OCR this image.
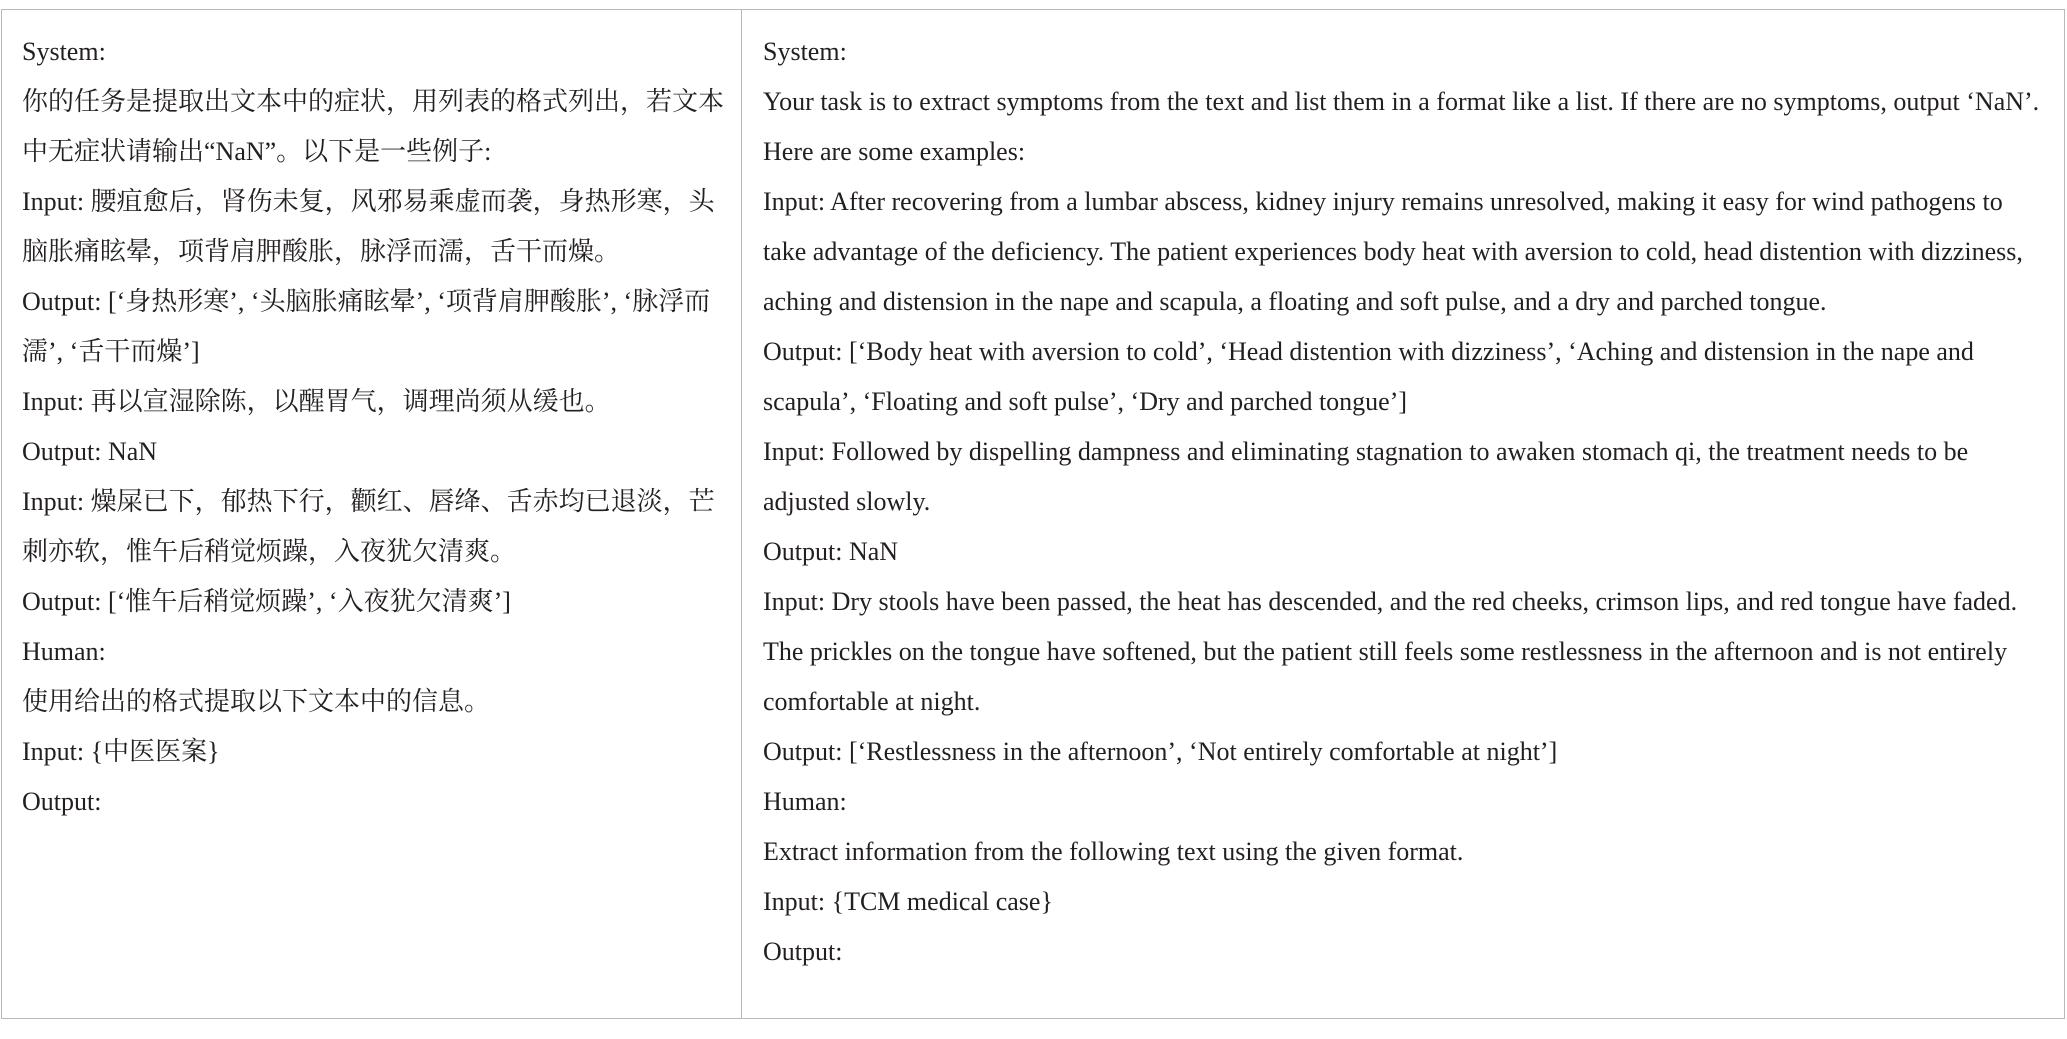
System:

你的任务是提取出文本中的症状，用列表的格式列出，若文本中无症状请输出“NaN”。以下是一些例子:

Input: 腰疽愈后，肾伤未复，风邪易乘虚而袭，身热形寒，头脑胀痛眩晕，项背肩胛酸胀，脉浮而濡，舌干而燥。

Output: [‘身热形寒’, ‘头脑胀痛眩晕’, ‘项背肩胛酸胀’, ‘脉浮而濡’, ‘舌干而燥’]

Input: 再以宣湿除陈，以醒胃气，调理尚须从缓也。

Output: NaN

Input: 燥屎已下，郁热下行，颧红、唇绛、舌赤均已退淡，芒刺亦软，惟午后稍觉烦躁，入夜犹欠清爽。

Output: [‘惟午后稍觉烦躁’, ‘入夜犹欠清爽’]

Human:

使用给出的格式提取以下文本中的信息。

Input: {中医医案}

Output:

System:

Your task is to extract symptoms from the text and list them in a format like a list. If there are no symptoms, output ‘NaN’. Here are some examples:

Input: After recovering from a lumbar abscess, kidney injury remains unresolved, making it easy for wind pathogens to take advantage of the deficiency. The patient experiences body heat with aversion to cold, head distention with dizziness, aching and distension in the nape and scapula, a floating and soft pulse, and a dry and parched tongue.

Output: [‘Body heat with aversion to cold’, ‘Head distention with dizziness’, ‘Aching and distension in the nape and scapula’, ‘Floating and soft pulse’, ‘Dry and parched tongue’]

Input: Followed by dispelling dampness and eliminating stagnation to awaken stomach qi, the treatment needs to be adjusted slowly.

Output: NaN

Input: Dry stools have been passed, the heat has descended, and the red cheeks, crimson lips, and red tongue have faded. The prickles on the tongue have softened, but the patient still feels some restlessness in the afternoon and is not entirely comfortable at night.

Output: [‘Restlessness in the afternoon’, ‘Not entirely comfortable at night’]

Human:

Extract information from the following text using the given format.

Input: {TCM medical case}

Output:
